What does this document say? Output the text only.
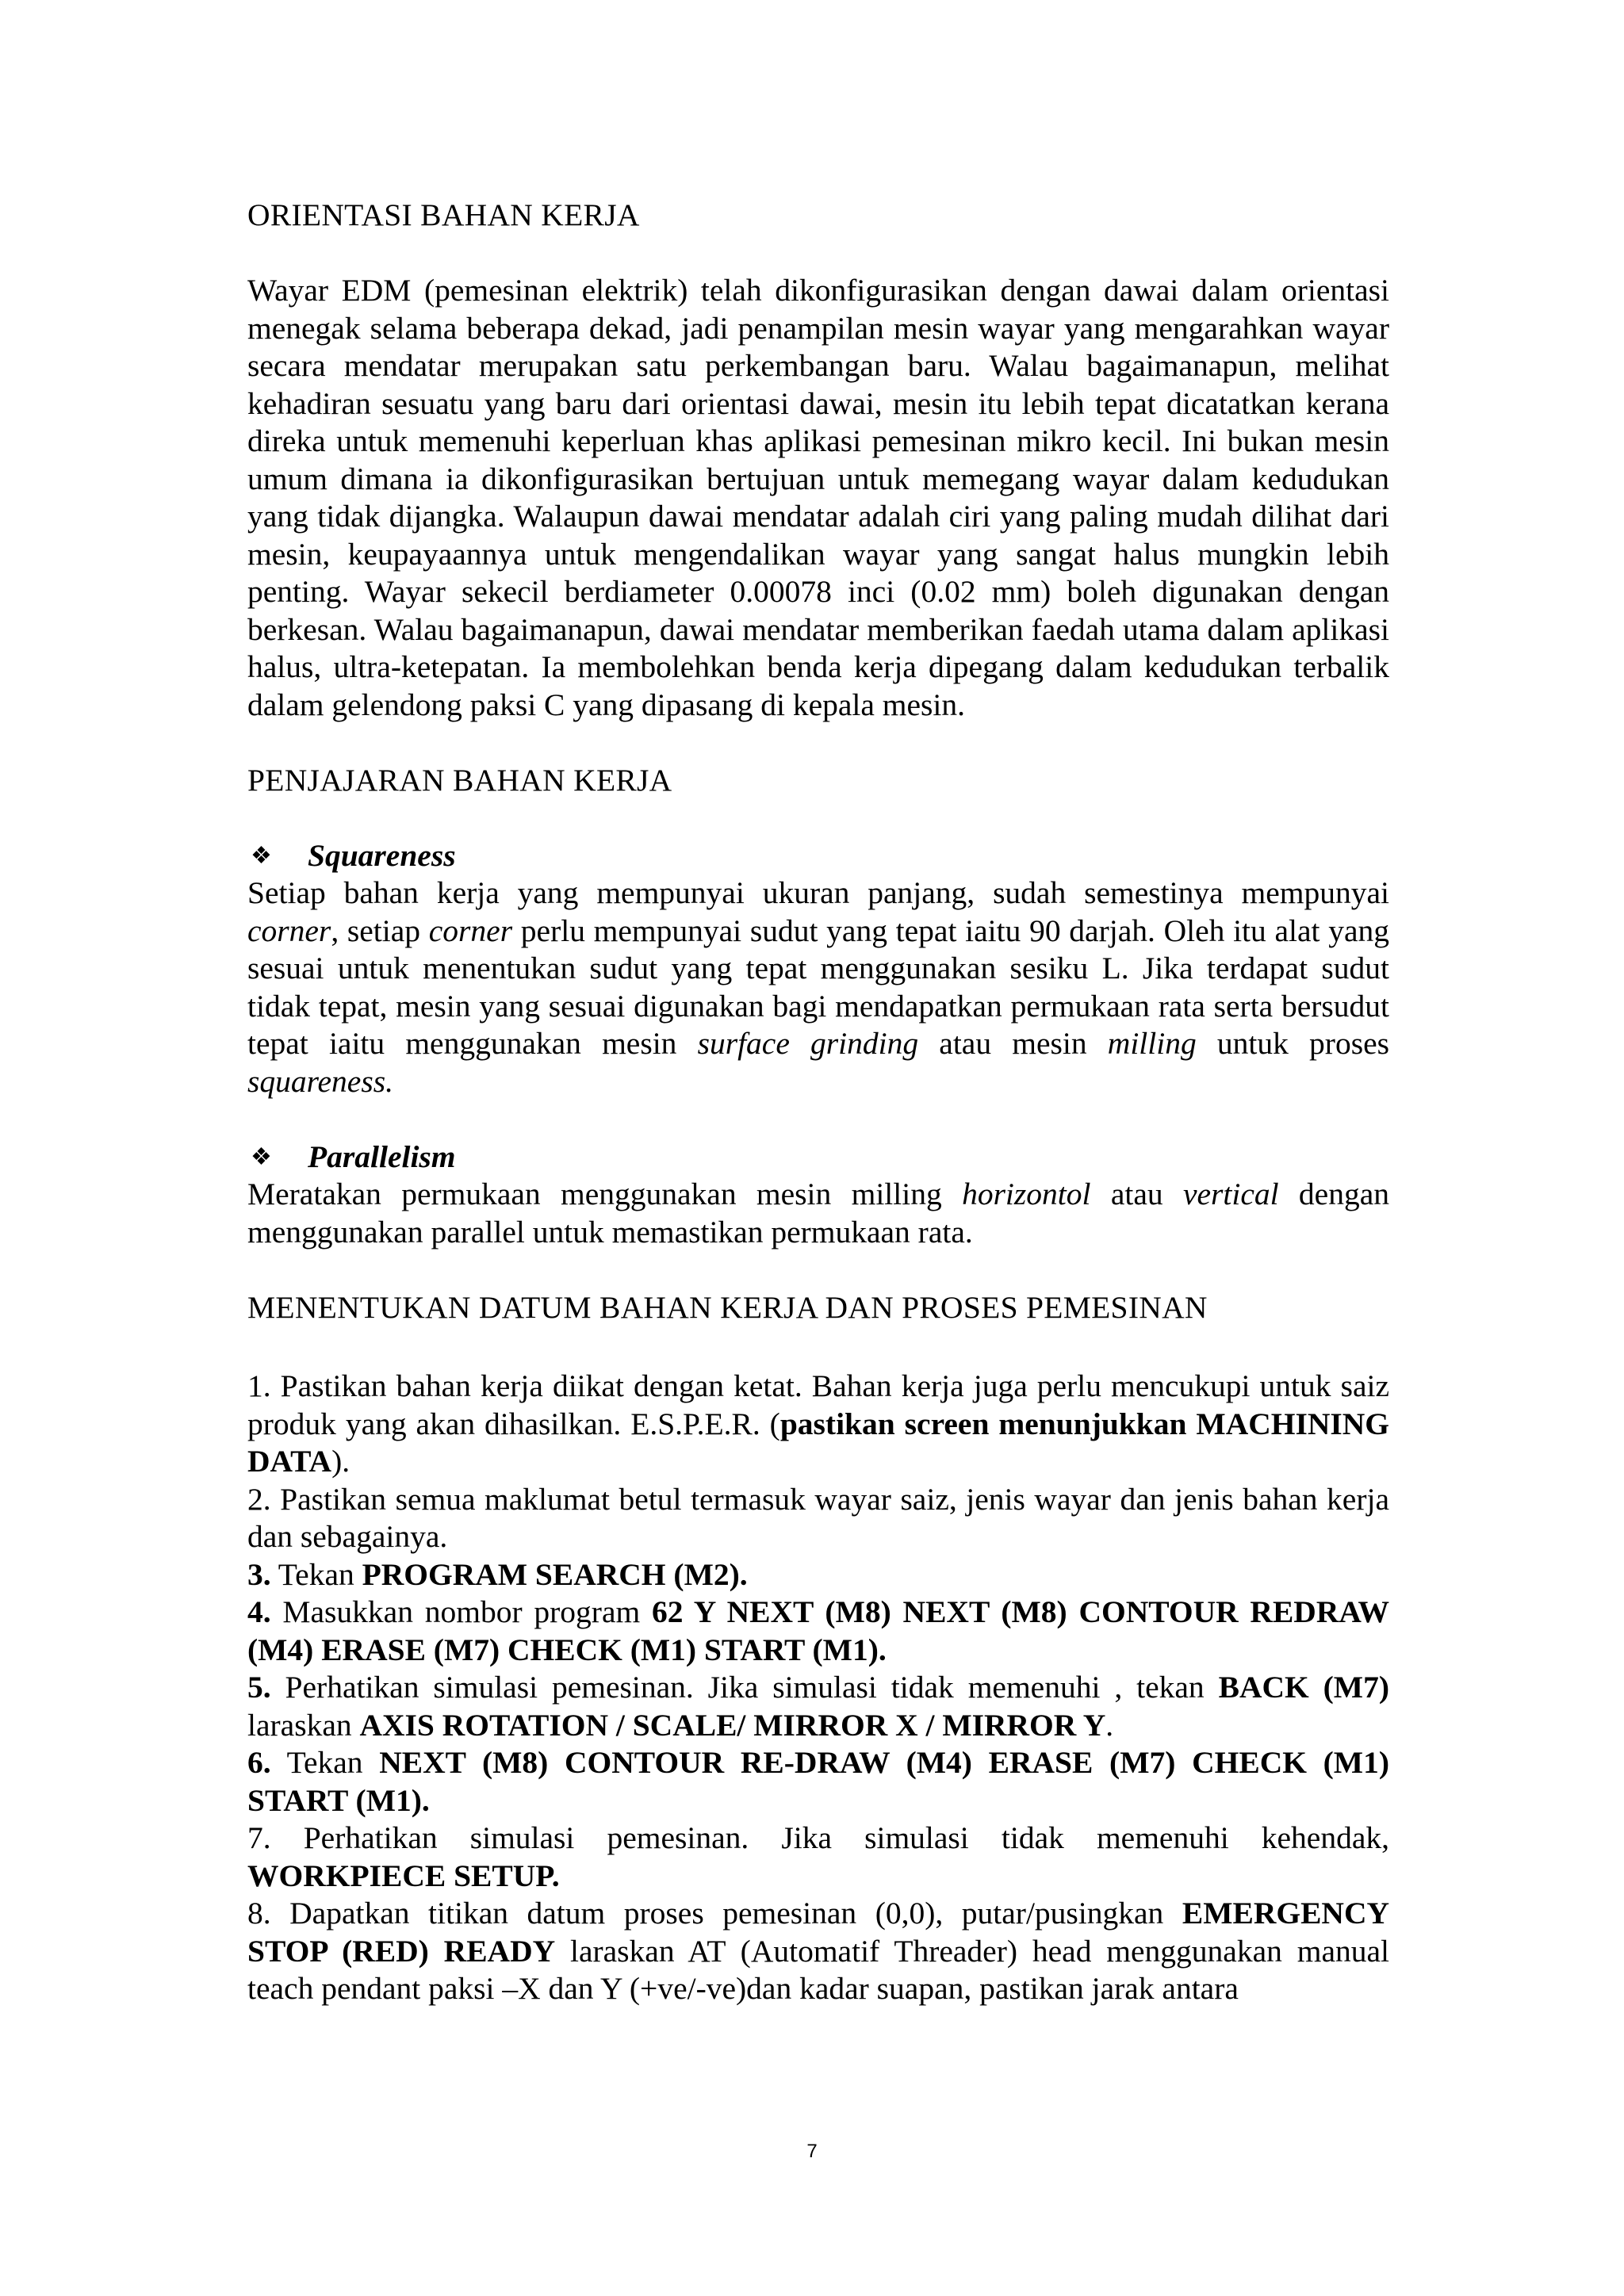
ORIENTASI BAHAN KERJA

Wayar EDM (pemesinan elektrik) telah dikonfigurasikan dengan dawai dalam orientasi menegak selama beberapa dekad, jadi penampilan mesin wayar yang mengarahkan wayar secara mendatar merupakan satu perkembangan baru. Walau bagaimanapun, melihat kehadiran sesuatu yang baru dari orientasi dawai, mesin itu lebih tepat dicatatkan kerana direka untuk memenuhi keperluan khas aplikasi pemesinan mikro kecil. Ini bukan mesin umum dimana ia dikonfigurasikan bertujuan untuk memegang wayar dalam kedudukan yang tidak dijangka. Walaupun dawai mendatar adalah ciri yang paling mudah dilihat dari mesin, keupayaannya untuk mengendalikan wayar yang sangat halus mungkin lebih penting. Wayar sekecil berdiameter 0.00078 inci (0.02 mm) boleh digunakan dengan berkesan. Walau bagaimanapun, dawai mendatar memberikan faedah utama dalam aplikasi halus, ultra-ketepatan. Ia membolehkan benda kerja dipegang dalam kedudukan terbalik dalam gelendong paksi C yang dipasang di kepala mesin.

PENJAJARAN BAHAN KERJA
❖	Squareness

Setiap bahan kerja yang mempunyai ukuran panjang, sudah semestinya mempunyai corner, setiap corner perlu mempunyai sudut yang tepat iaitu 90 darjah. Oleh itu alat yang sesuai untuk menentukan sudut yang tepat menggunakan sesiku L. Jika terdapat sudut tidak tepat, mesin yang sesuai digunakan bagi mendapatkan permukaan rata serta bersudut tepat iaitu menggunakan mesin surface grinding atau mesin milling untuk proses squareness.

❖	Parallelism

Meratakan permukaan menggunakan mesin milling horizontol atau vertical dengan menggunakan parallel untuk memastikan permukaan rata.

MENENTUKAN DATUM BAHAN KERJA DAN PROSES PEMESINAN

1. Pastikan bahan kerja diikat dengan ketat. Bahan kerja juga perlu mencukupi untuk saiz produk yang akan dihasilkan. E.S.P.E.R. (pastikan screen menunjukkan MACHINING DATA).

2. Pastikan semua maklumat betul termasuk wayar saiz, jenis wayar dan jenis bahan kerja dan sebagainya.

3. Tekan PROGRAM SEARCH (M2).

4. Masukkan nombor program 62 Y NEXT (M8) NEXT (M8) CONTOUR REDRAW (M4) ERASE (M7) CHECK (M1) START (M1).

5. Perhatikan simulasi pemesinan. Jika simulasi tidak memenuhi , tekan BACK (M7) laraskan AXIS ROTATION / SCALE/ MIRROR X / MIRROR Y.

6. Tekan NEXT (M8) CONTOUR RE-DRAW (M4) ERASE (M7) CHECK (M1) START (M1).

7. Perhatikan simulasi pemesinan. Jika simulasi tidak memenuhi kehendak, WORKPIECE SETUP.

8. Dapatkan titikan datum proses pemesinan (0,0), putar/pusingkan EMERGENCY STOP (RED) READY laraskan AT (Automatif Threader) head menggunakan manual teach pendant paksi –X dan Y (+ve/-ve)dan kadar suapan, pastikan jarak antara

7
